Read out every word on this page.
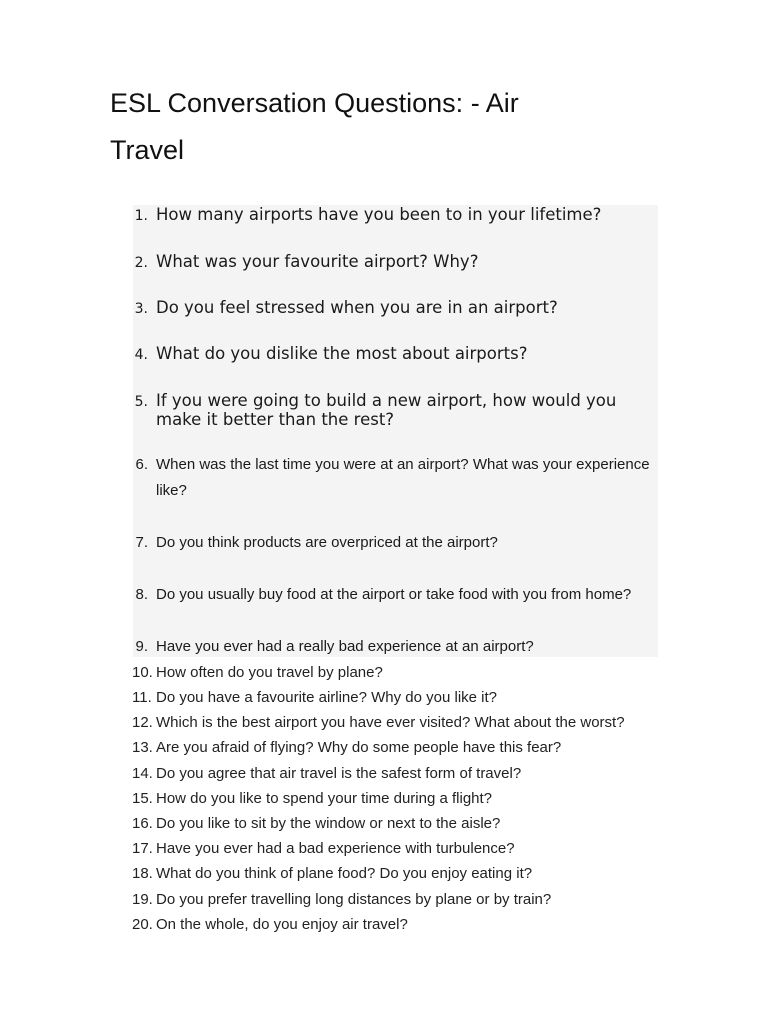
ESL Conversation Questions: - Air Travel
1. How many airports have you been to in your lifetime?
2. What was your favourite airport? Why?
3. Do you feel stressed when you are in an airport?
4. What do you dislike the most about airports?
5. If you were going to build a new airport, how would you make it better than the rest?
6. When was the last time you were at an airport? What was your experience like?
7. Do you think products are overpriced at the airport?
8. Do you usually buy food at the airport or take food with you from home?
9. Have you ever had a really bad experience at an airport?
10. How often do you travel by plane?
11. Do you have a favourite airline? Why do you like it?
12. Which is the best airport you have ever visited? What about the worst?
13. Are you afraid of flying? Why do some people have this fear?
14. Do you agree that air travel is the safest form of travel?
15. How do you like to spend your time during a flight?
16. Do you like to sit by the window or next to the aisle?
17. Have you ever had a bad experience with turbulence?
18. What do you think of plane food? Do you enjoy eating it?
19. Do you prefer travelling long distances by plane or by train?
20. On the whole, do you enjoy air travel?
